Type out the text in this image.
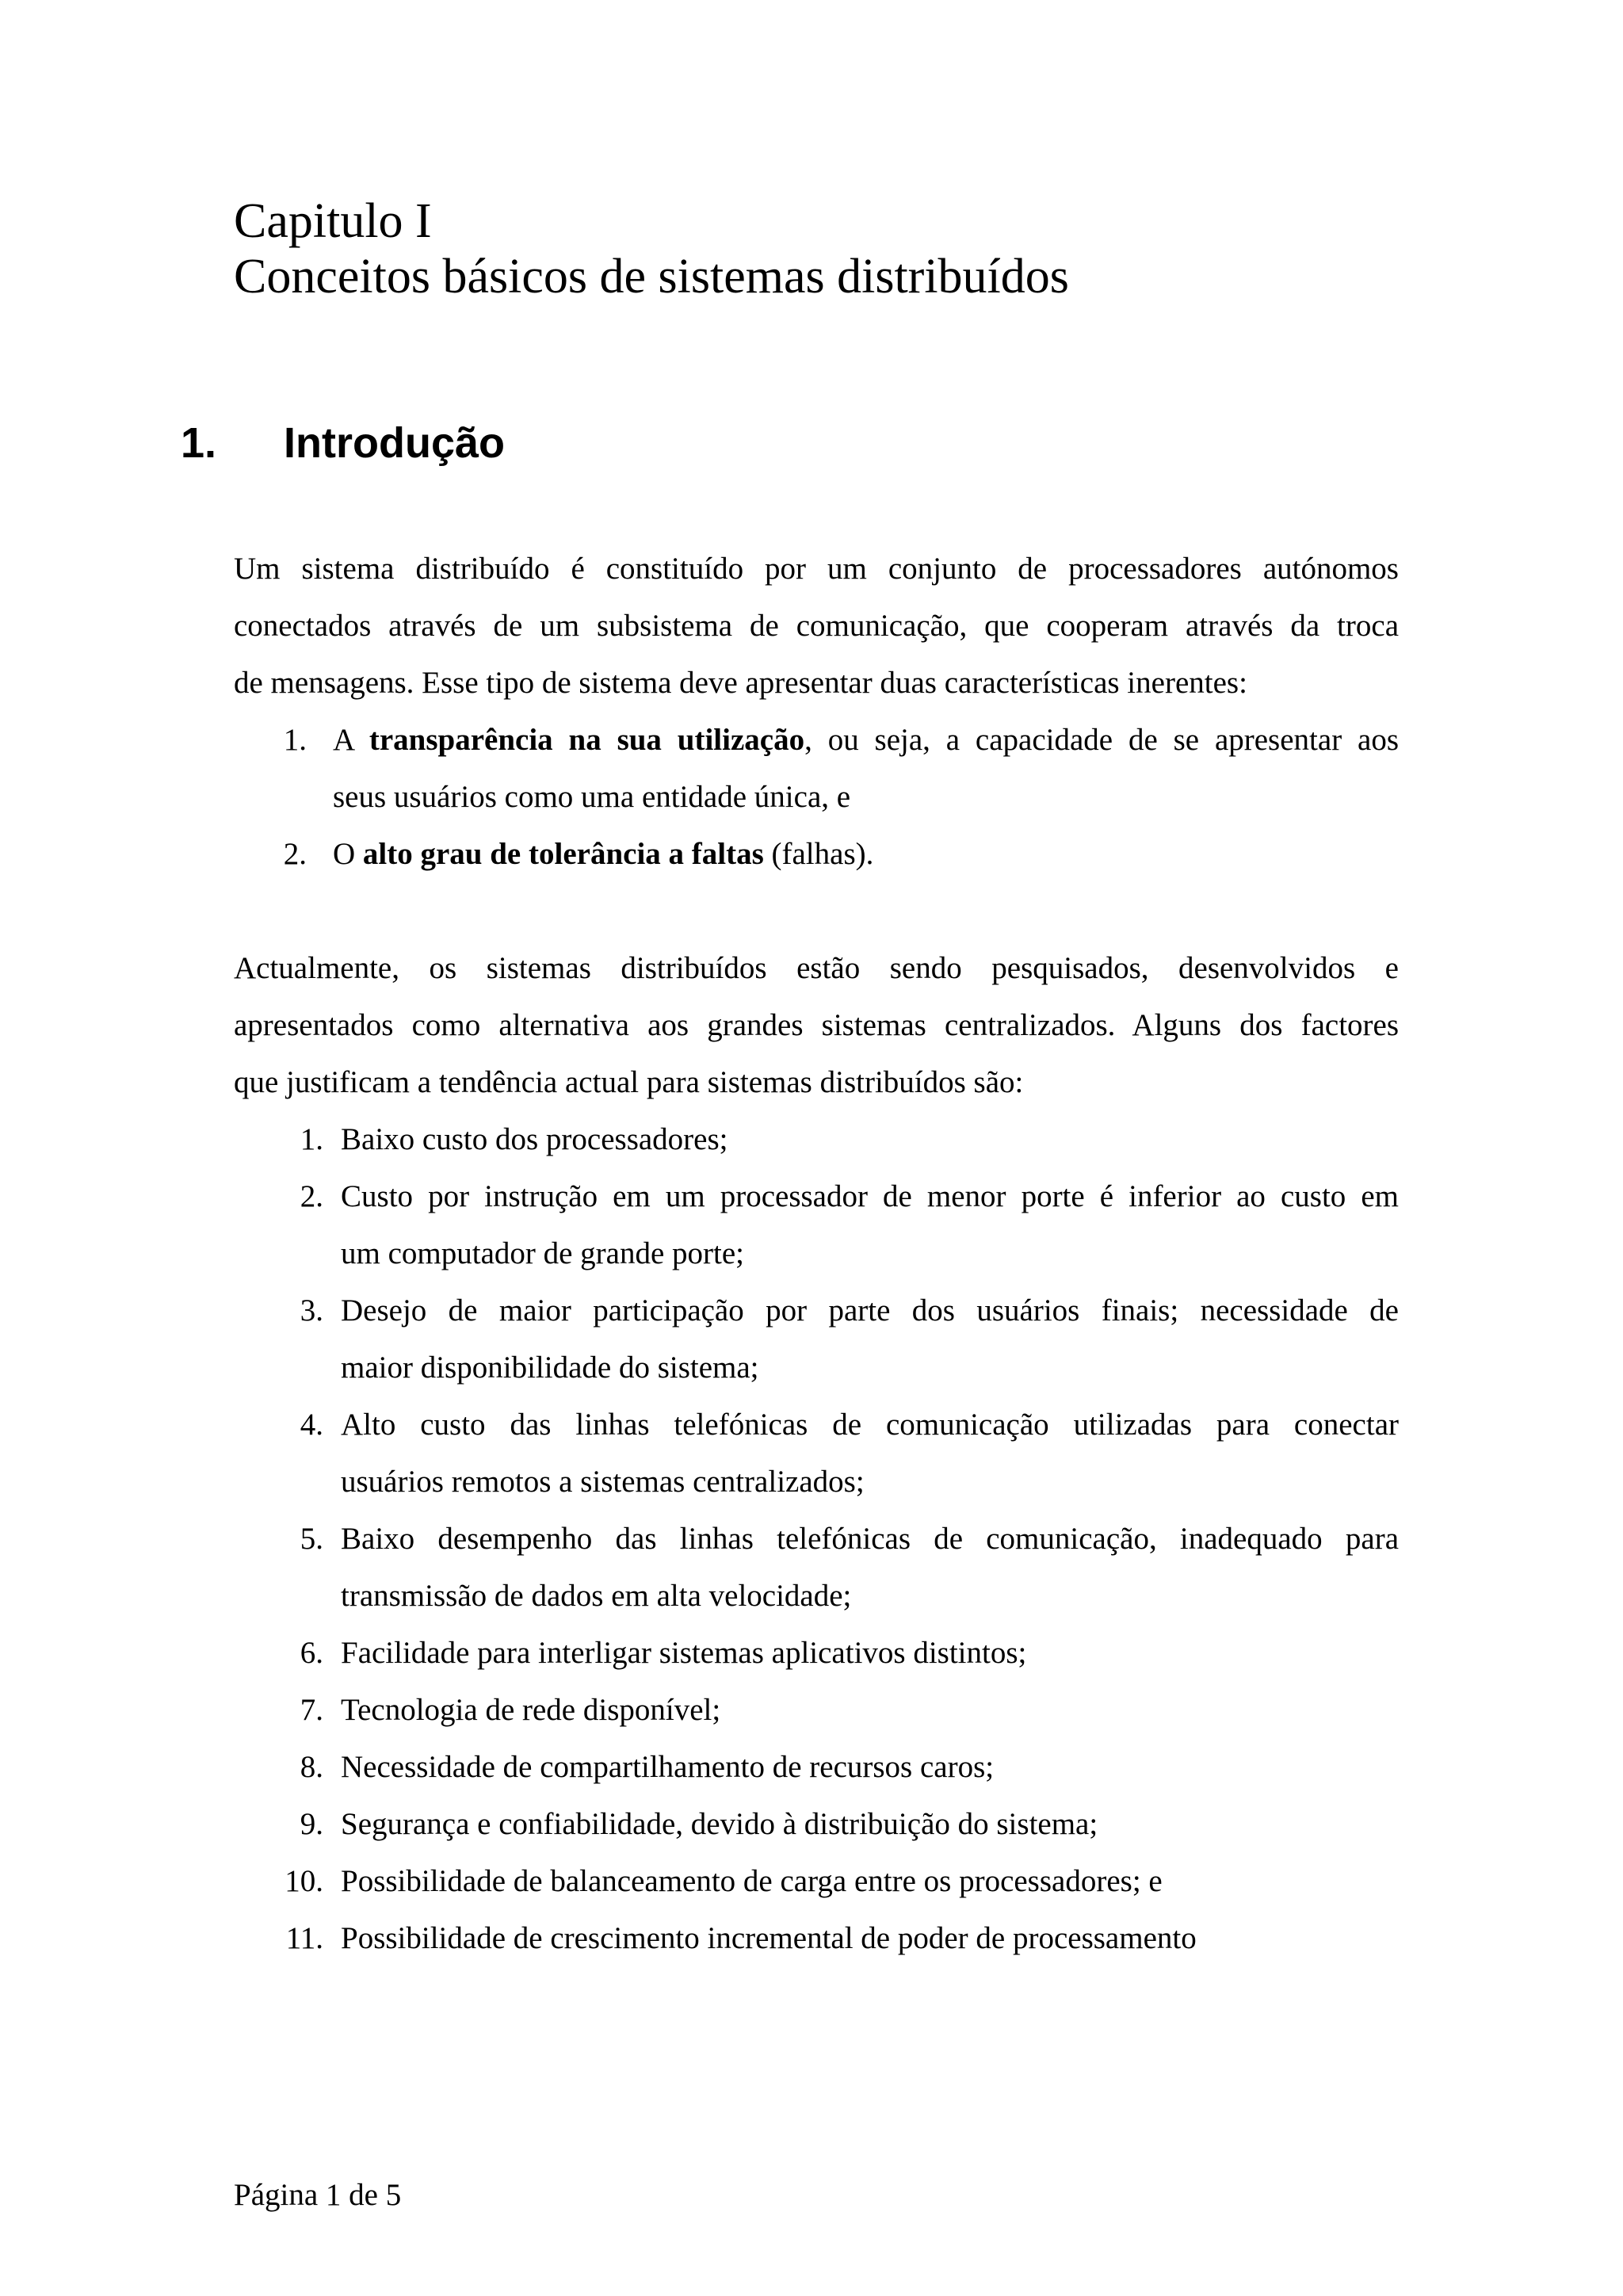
Capitulo I
Conceitos básicos de sistemas distribuídos
1. Introdução

Um sistema distribuído é constituído por um conjunto de processadores autónomos
conectados através de um subsistema de comunicação, que cooperam através da troca
de mensagens. Esse tipo de sistema deve apresentar duas características inerentes:

1. A transparência na sua utilização, ou seja, a capacidade de se apresentar aos
seus usuários como uma entidade única, e
2. O alto grau de tolerância a faltas (falhas).

Actualmente, os sistemas distribuídos estão sendo pesquisados, desenvolvidos e
apresentados como alternativa aos grandes sistemas centralizados. Alguns dos factores
que justificam a tendência actual para sistemas distribuídos são:

1. Baixo custo dos processadores;
2. Custo por instrução em um processador de menor porte é inferior ao custo em
um computador de grande porte;
3. Desejo de maior participação por parte dos usuários finais; necessidade de
maior disponibilidade do sistema;
4. Alto custo das linhas telefónicas de comunicação utilizadas para conectar
usuários remotos a sistemas centralizados;
5. Baixo desempenho das linhas telefónicas de comunicação, inadequado para
transmissão de dados em alta velocidade;
6. Facilidade para interligar sistemas aplicativos distintos;
7. Tecnologia de rede disponível;
8. Necessidade de compartilhamento de recursos caros;
9. Segurança e confiabilidade, devido à distribuição do sistema;
10. Possibilidade de balanceamento de carga entre os processadores; e
11. Possibilidade de crescimento incremental de poder de processamento
Página 1 de 5
